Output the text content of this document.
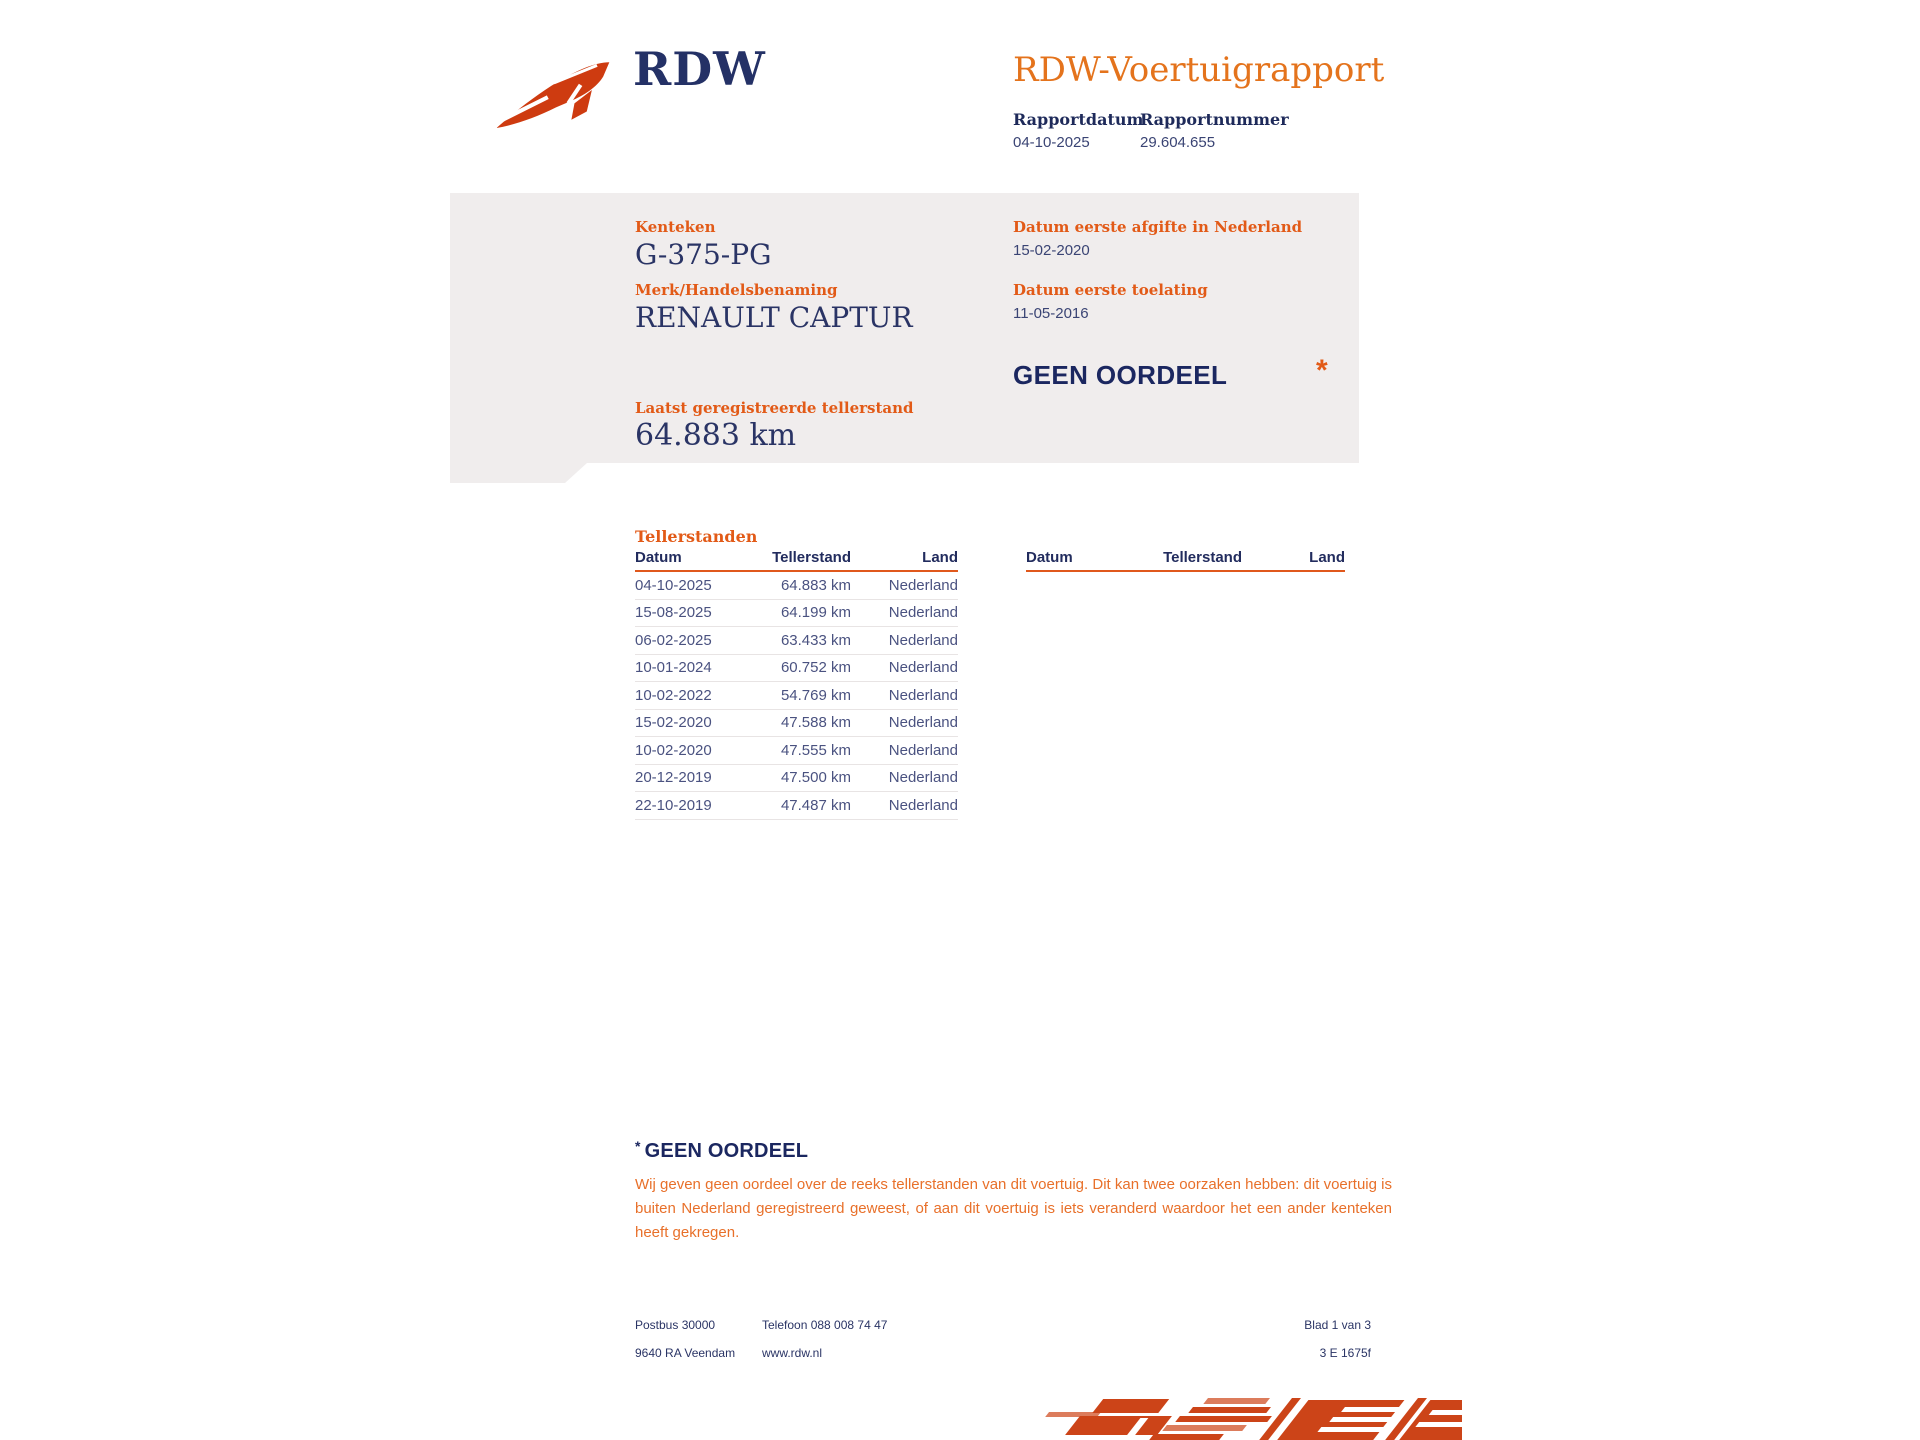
RDW	RDW-Voertuigrapport
Rapportdatum
04-10-2025
Rapportnummer
29.604.655
Kenteken
G-375-PG
Merk/Handelsbenaming
RENAULT CAPTUR
Datum eerste afgifte in Nederland
15-02-2020
Datum eerste toelating
11-05-2016
GEEN OORDEEL	*
Laatst geregistreerde tellerstand
64.883 km
Tellerstanden
Datum	Tellerstand	Land
04-10-2025	64.883 km	Nederland
15-08-2025	64.199 km	Nederland
06-02-2025	63.433 km	Nederland
10-01-2024	60.752 km	Nederland
10-02-2022	54.769 km	Nederland
15-02-2020	47.588 km	Nederland
10-02-2020	47.555 km	Nederland
20-12-2019	47.500 km	Nederland
22-10-2019	47.487 km	Nederland
Datum	Tellerstand	Land
* GEEN OORDEEL
Wij geven geen oordeel over de reeks tellerstanden van dit voertuig. Dit kan twee oorzaken hebben: dit voertuig is buiten Nederland geregistreerd geweest, of aan dit voertuig is iets veranderd waardoor het een ander kenteken heeft gekregen.
Postbus 30000
9640 RA Veendam
Telefoon 088 008 74 47
www.rdw.nl
Blad 1 van 3
3 E 1675f
